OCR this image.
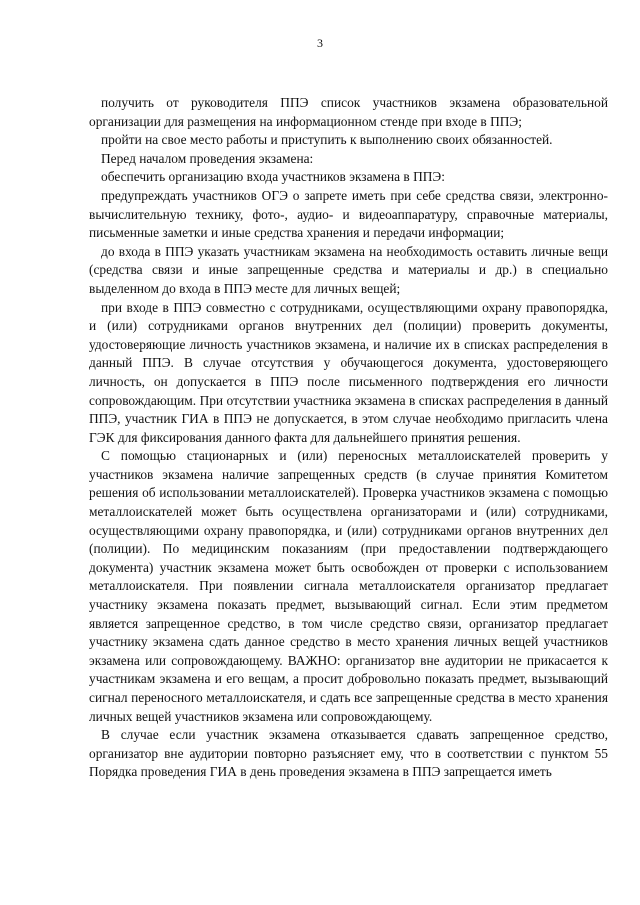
3

получить от руководителя ППЭ список участников экзамена образовательной организации для размещения на информационном стенде при входе в ППЭ;

пройти на свое место работы и приступить к выполнению своих обязанностей.

Перед началом проведения экзамена:

обеспечить организацию входа участников экзамена в ППЭ:

предупреждать участников ОГЭ о запрете иметь при себе средства связи, электронно-вычислительную технику, фото-, аудио- и видеоаппаратуру, справочные материалы, письменные заметки и иные средства хранения и передачи информации;

до входа в ППЭ указать участникам экзамена на необходимость оставить личные вещи (средства связи и иные запрещенные средства и материалы и др.) в специально выделенном до входа в ППЭ месте для личных вещей;

при входе в ППЭ совместно с сотрудниками, осуществляющими охрану правопорядка, и (или) сотрудниками органов внутренних дел (полиции) проверить документы, удостоверяющие личность участников экзамена, и наличие их в списках распределения в данный ППЭ. В случае отсутствия у обучающегося документа, удостоверяющего личность, он допускается в ППЭ после письменного подтверждения его личности сопровождающим. При отсутствии участника экзамена в списках распределения в данный ППЭ, участник ГИА в ППЭ не допускается, в этом случае необходимо пригласить члена ГЭК для фиксирования данного факта для дальнейшего принятия решения.

С помощью стационарных и (или) переносных металлоискателей проверить у участников экзамена наличие запрещенных средств (в случае принятия Комитетом решения об использовании металлоискателей). Проверка участников экзамена с помощью металлоискателей может быть осуществлена организаторами и (или) сотрудниками, осуществляющими охрану правопорядка, и (или) сотрудниками органов внутренних дел (полиции). По медицинским показаниям (при предоставлении подтверждающего документа) участник экзамена может быть освобожден от проверки с использованием металлоискателя. При появлении сигнала металлоискателя организатор предлагает участнику экзамена показать предмет, вызывающий сигнал. Если этим предметом является запрещенное средство, в том числе средство связи, организатор предлагает участнику экзамена сдать данное средство в место хранения личных вещей участников экзамена или сопровождающему. ВАЖНО: организатор вне аудитории не прикасается к участникам экзамена и его вещам, а просит добровольно показать предмет, вызывающий сигнал переносного металлоискателя, и сдать все запрещенные средства в место хранения личных вещей участников экзамена или сопровождающему.

В случае если участник экзамена отказывается сдавать запрещенное средство, организатор вне аудитории повторно разъясняет ему, что в соответствии с пунктом 55 Порядка проведения ГИА в день проведения экзамена в ППЭ запрещается иметь
